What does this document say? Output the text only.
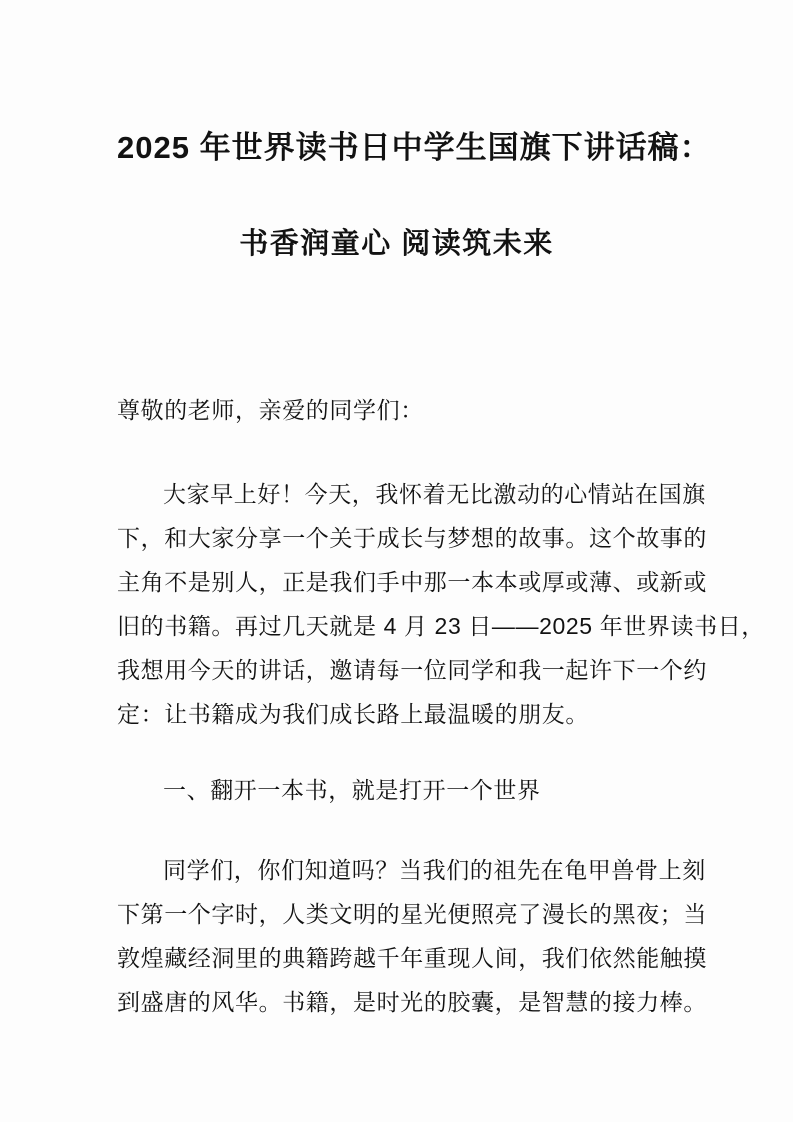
2025 年世界读书日中学生国旗下讲话稿：
书香润童心 阅读筑未来
尊敬的老师，亲爱的同学们：
大家早上好！今天，我怀着无比激动的心情站在国旗
下，和大家分享一个关于成长与梦想的故事。这个故事的
主角不是别人，正是我们手中那一本本或厚或薄、或新或
旧的书籍。再过几天就是 4 月 23 日——2025 年世界读书日，
我想用今天的讲话，邀请每一位同学和我一起许下一个约
定：让书籍成为我们成长路上最温暖的朋友。
一、翻开一本书，就是打开一个世界
同学们，你们知道吗？当我们的祖先在龟甲兽骨上刻
下第一个字时，人类文明的星光便照亮了漫长的黑夜；当
敦煌藏经洞里的典籍跨越千年重现人间，我们依然能触摸
到盛唐的风华。书籍，是时光的胶囊，是智慧的接力棒。
